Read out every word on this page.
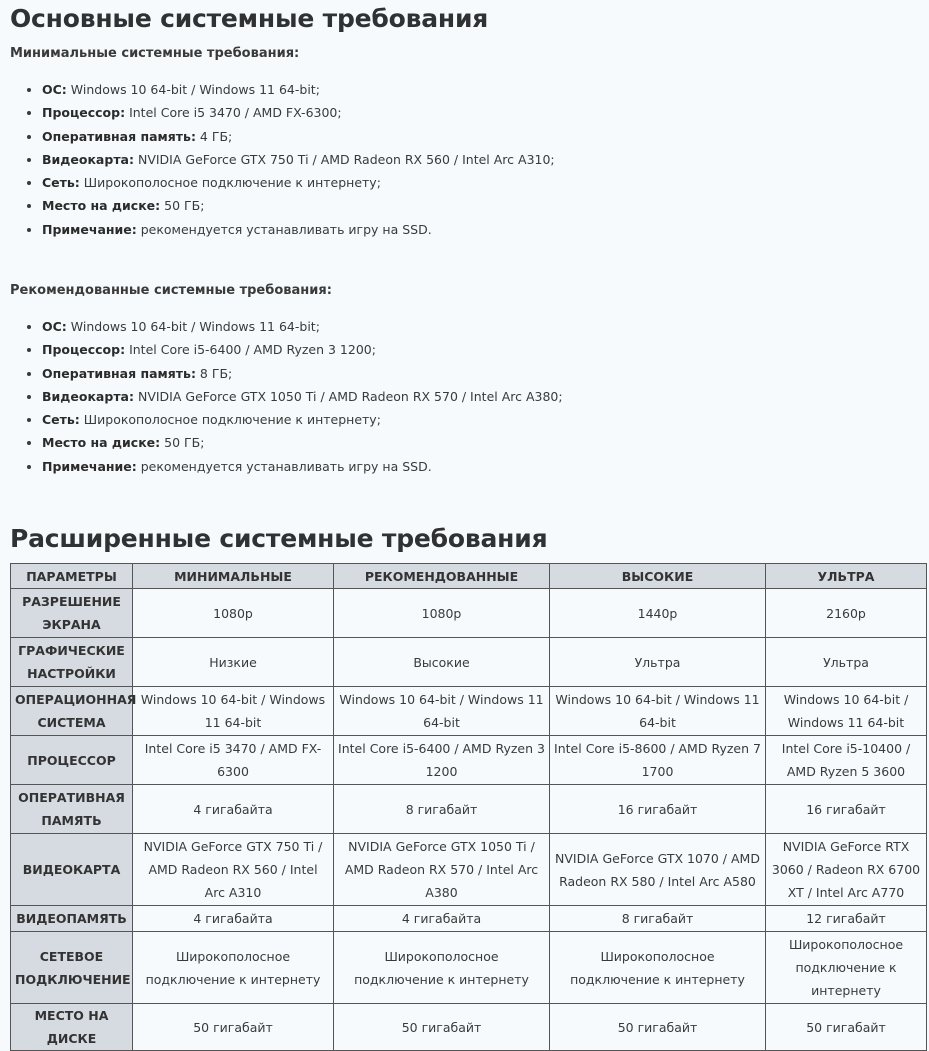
Основные системные требования
Минимальные системные требования:
• ОС: Windows 10 64-bit / Windows 11 64-bit;
• Процессор: Intel Core i5 3470 / AMD FX-6300;
• Оперативная память: 4 ГБ;
• Видеокарта: NVIDIA GeForce GTX 750 Ti / AMD Radeon RX 560 / Intel Arc A310;
• Сеть: Широкополосное подключение к интернету;
• Место на диске: 50 ГБ;
• Примечание: рекомендуется устанавливать игру на SSD.
Рекомендованные системные требования:
• ОС: Windows 10 64-bit / Windows 11 64-bit;
• Процессор: Intel Core i5-6400 / AMD Ryzen 3 1200;
• Оперативная память: 8 ГБ;
• Видеокарта: NVIDIA GeForce GTX 1050 Ti / AMD Radeon RX 570 / Intel Arc A380;
• Сеть: Широкополосное подключение к интернету;
• Место на диске: 50 ГБ;
• Примечание: рекомендуется устанавливать игру на SSD.
Расширенные системные требования
ПАРАМЕТРЫ	МИНИМАЛЬНЫЕ	РЕКОМЕНДОВАННЫЕ	ВЫСОКИЕ	УЛЬТРА
РАЗРЕШЕНИЕ ЭКРАНА	1080p	1080p	1440p	2160p
ГРАФИЧЕСКИЕ НАСТРОЙКИ	Низкие	Высокие	Ультра	Ультра
ОПЕРАЦИОННАЯ СИСТЕМА	Windows 10 64-bit / Windows 11 64-bit	Windows 10 64-bit / Windows 11 64-bit	Windows 10 64-bit / Windows 11 64-bit	Windows 10 64-bit / Windows 11 64-bit
ПРОЦЕССОР	Intel Core i5 3470 / AMD FX-6300	Intel Core i5-6400 / AMD Ryzen 3 1200	Intel Core i5-8600 / AMD Ryzen 7 1700	Intel Core i5-10400 / AMD Ryzen 5 3600
ОПЕРАТИВНАЯ ПАМЯТЬ	4 гигабайта	8 гигабайт	16 гигабайт	16 гигабайт
ВИДЕОКАРТА	NVIDIA GeForce GTX 750 Ti / AMD Radeon RX 560 / Intel Arc A310	NVIDIA GeForce GTX 1050 Ti / AMD Radeon RX 570 / Intel Arc A380	NVIDIA GeForce GTX 1070 / AMD Radeon RX 580 / Intel Arc A580	NVIDIA GeForce RTX 3060 / Radeon RX 6700 XT / Intel Arc A770
ВИДЕОПАМЯТЬ	4 гигабайта	4 гигабайта	8 гигабайт	12 гигабайт
СЕТЕВОЕ ПОДКЛЮЧЕНИЕ	Широкополосное подключение к интернету	Широкополосное подключение к интернету	Широкополосное подключение к интернету	Широкополосное подключение к интернету
МЕСТО НА ДИСКЕ	50 гигабайт	50 гигабайт	50 гигабайт	50 гигабайт
